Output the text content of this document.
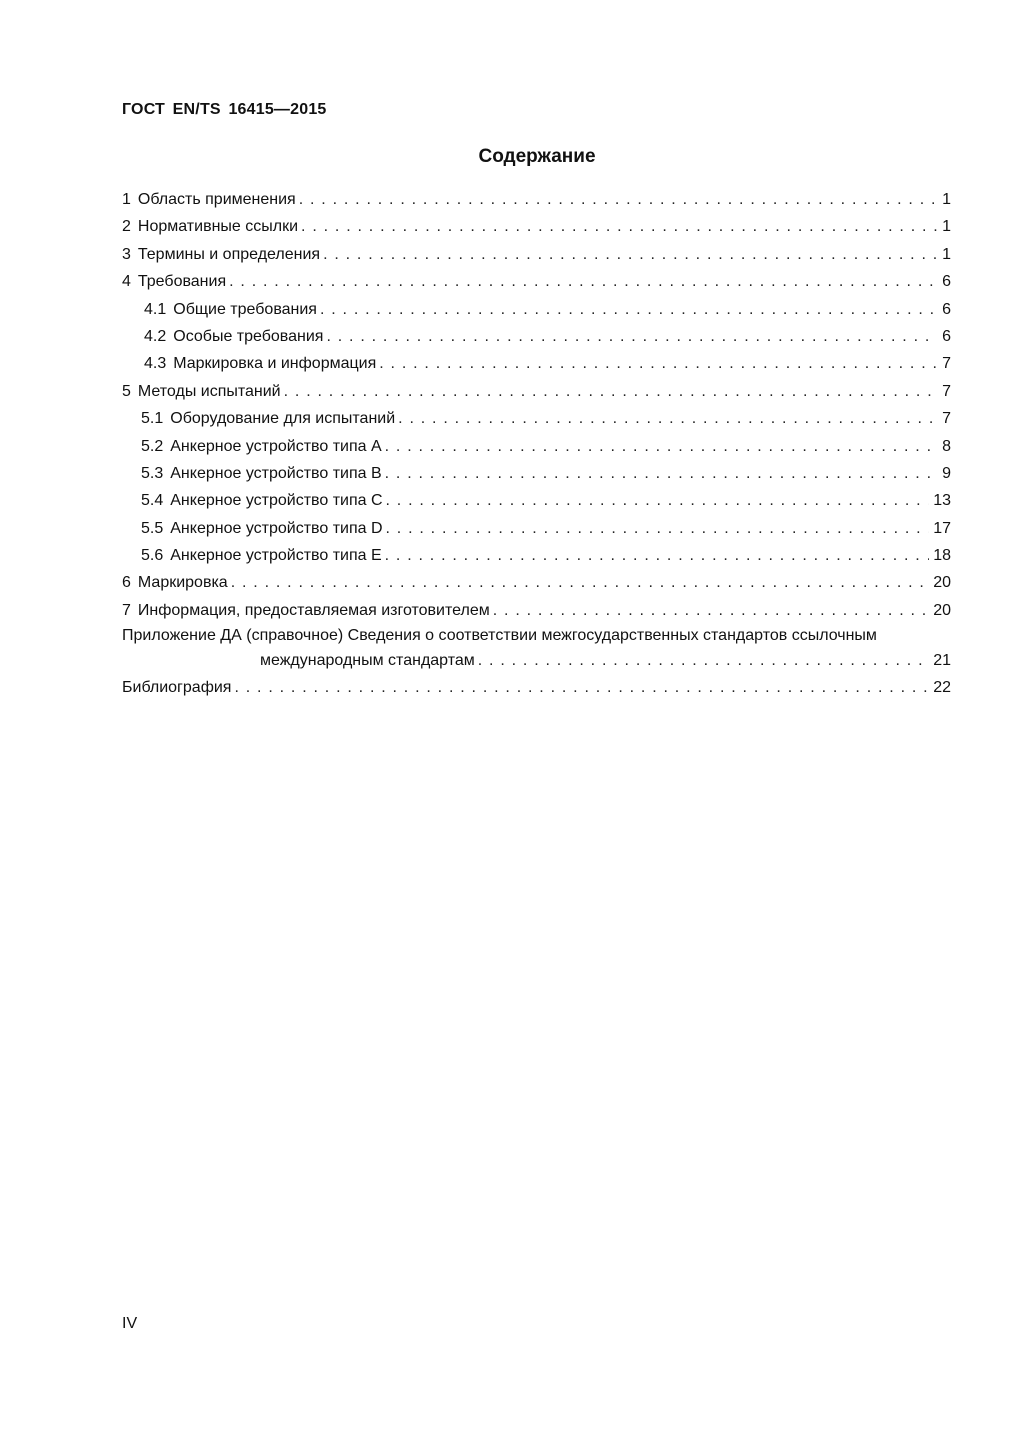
ГОСТ EN/TS 16415—2015
Содержание
1 Область применения . . .	1
2 Нормативные ссылки . . .	1
3 Термины и определения . . .	1
4 Требования . . .	6
4.1 Общие требования . . .	6
4.2 Особые требования . . .	6
4.3 Маркировка и информация . . .	7
5 Методы испытаний . . .	7
5.1 Оборудование для испытаний . . .	7
5.2 Анкерное устройство типа А . . .	8
5.3 Анкерное устройство типа В . . .	9
5.4 Анкерное устройство типа С . . .	13
5.5 Анкерное устройство типа D . . .	17
5.6 Анкерное устройство типа Е . . .	18
6 Маркировка . . .	20
7 Информация, предоставляемая изготовителем . . .	20
Приложение ДА (справочное) Сведения о соответствии межгосударственных стандартов ссылочным
международным стандартам . . .	21
Библиография . . .	22
IV
